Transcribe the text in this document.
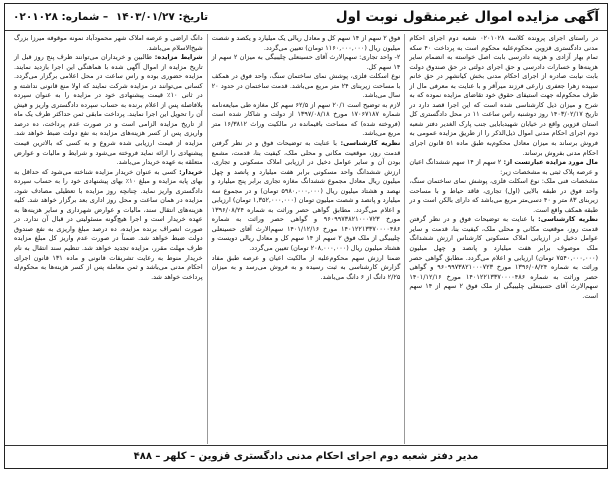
آگهی مزایده اموال غیرمنقول نوبت اول
تاریخ: ۱۴۰۳/۰۱/۲۷ – شماره: ۰۲۰۱۰۲۸

در راستای اجرای پرونده کلاسه ۰۲۰۱۰۲۸ شعبه دوم اجرای احکام مدنی دادگستری قزوین محکوم‌علیه محکوم است به پرداخت ۴۰ سکه تمام بهار آزادی و هزینه دادرسی بابت اصل خواسته به انضمام سایر هزینه‌ها و خسارات دادرسی و حق اجرای دولتی در حق صندوق دولت بابت نیابت صادره از اجرای احکام مدنی بخش کیانشهر در حق خانم سپیده زهرا جعفری زارعی فرزند میرآقر و با عنایت به معرفی مال از طرف محکوم‌له جهت استیفای حقوق خود تقاضای مزایده نموده که به شرح و میزان ذیل کارشناسی شده است که این اجرا قصد دارد در تاریخ ۱۴۰۳/۰۲/۱۷ روز دوشنبه راس ساعت ۱۱ در محل دادگستری کل استان قزوین واقع در خیابان شهیدبابایی جنب پارک الغدیر دفتر شعبه دوم اجرای احکام مدنی اموال ذیل‌الذکر را از طریق مزایده عمومی به فروش برساند به میزان معادل محکوم‌به طبق ماده ۵۱ قانون اجرای احکام مدنی بفروش برساند.

مال مورد مزایده عبارتست از: ۲ سهم از ۱۴ سهم ششدانگ اعیان و عرصه پلاک ثبتی به مشخصات زیر:

مشخصات فنی ملک: نوع اسکلت فلزی، پوشش نمای ساختمان سنگ، واحد فوق در طبقه بالایی (اول) تجاری، فاقد حیاط و با مساحت زیربنای ۸۳ متر و ۴۰ دسی‌متر مربع می‌باشد که دارای بالکن است و در طبقه همکف واقع است.

نظریه کارشناسی: با عنایت به توضیحات فوق و در نظر گرفتن قدمت روز، موقعیت مکانی و محلی ملک، کیفیت بنا، قدمت و سایر عوامل دخیل در ارزیابی املاک مسکونی کارشناس ارزش ششدانگ ملک موصوف برابر هفت میلیارد و پانصد و چهل میلیون (۷۵۴۰,۰۰۰,۰۰۰ تومان) ارزیابی و اعلام می‌گردد. مطابق گواهی حصر وراثت به شماره ۱۳۹۶/۰۸/۲۴ مورخ ۹۶۰۹۹۷۳۸۲۱۰۰۰۷۲۳ و گواهی حصر وراثت به شماره ۱۴۰۱۲۲۱۳۳۷۰۰۰۰۴۸۶ مورخ ۱۴۰۱/۱۲/۱۶ سهم‌الارث آقای حسینعلی چلیبیگی از ملک فوق ۲ سهم از ۱۴ سهم است.

فوق ۲ سهم از ۱۴ سهم کل و معادل ریالی یک میلیارد و یکصد و شصت میلیون ریال (۱۱۶۰,۰۰۰,۰۰۰ تومان) تعیین می‌گردد.

۲- واحد تجاری: سهم‌الارث آقای حسینعلی چلیبیگی به میزان ۲ سهم از ۱۴ سهم کل.

نوع اسکلت فلزی، پوشش نمای ساختمان سنگ، واحد فوق در همکف با مساحت زیربنای ۲۴ متر مربع می‌باشد. قدمت ساختمان در حدود ۲۰ سال می‌باشد.

لازم به توضیح است ۲۰/۱ سهم از ۶۲/۵ سهم کل مغازه طی مبایعه‌نامه شماره ۱۷۰۶۷۱۸۷ مورخ ۱۳۹۷/۰۸/۱۸ از دولت و شاکار شده است (فروخته شده) که مساحت باقیمانده در مالکیت وراث ۱۶/۳۸۱۲ متر مربع می‌باشد.

نظریه کارشناسی: با عنایت به توضیحات فوق و در نظر گرفتن قدمت روز، موقعیت مکانی و محلی ملک، کیفیت بنا، قدمت، مشمع بودن آن و سایر عوامل دخیل در ارزیابی املاک مسکونی و تجاری، ارزش ششدانگ واحد مسکونی برابر هفت میلیارد و پانصد و چهل میلیون ریال معادل مجموع ششدانگ مغازه تجاری برابر پنج میلیارد و نهصد و هشتاد میلیون ریال (۵۹۸۰,۰۰۰,۰۰۰ تومان) و در مجموع سه میلیارد و پانصد و شصت میلیون تومان (۱,۳۵۲,۰۰۰,۰۰۰ تومان) ارزیابی و اعلام می‌گردد. مطابق گواهی حصر وراثت به شماره ۱۳۹۶/۰۸/۲۴ مورخ ۹۶۰۹۹۷۳۸۲۱۰۰۰۷۲۳ و گواهی حصر وراثت به شماره ۱۴۰۱۲۲۱۳۳۷۰۰۰۰۴۸۶ مورخ ۱۴۰۱/۱۲/۱۶ سهم‌الارث آقای حسینعلی چلیبیگی از ملک فوق ۲ سهم از ۱۴ سهم کل و معادل ریالی دویست و هشتاد میلیون ریال (۲۰۸,۰۰۰,۰۰۰ تومان) تعیین می‌گردد.

ضمنا ارزش سهم محکوم‌علیه از مالکیت اعیان و عرصه طبق مفاد گزارش کارشناسی به ثبت رسیده و به فروش می‌رسد و به میزان ۲/۲۵ دانگ از ۶ دانگ می‌باشد.

دانگ اراضی و عرصه املاک شهر محمودآباد نمونه موقوفه میرزا بزرگ شیخ‌الاسلام می‌باشد.

شرایط مزایده: طالبین و خریداران می‌توانند ظرف پنج روز قبل از تاریخ مزایده از اموال آگهی شده با هماهنگی این اجرا بازدید نمایند. مزایده حضوری بوده و راس ساعت در محل اعلامی برگزار می‌گردد. کسانی می‌توانند در مزایده شرکت نمایند که اولا منع قانونی نداشته و در ثانی ۱۰٪ قیمت پیشنهادی خود در مزایده را به عنوان سپرده بلافاصله پس از اعلام برنده به حساب سپرده دادگستری واریز و فیش آن را تحویل این اجرا نمایند. پرداخت مابقی ثمن حداکثر ظرف یک ماه از تاریخ مزایده الزامی است و در صورت عدم پرداخت، ده درصد واریزی پس از کسر هزینه‌های مزایده به نفع دولت ضبط خواهد شد. مزایده از قیمت ارزیابی شده شروع و به کسی که بالاترین قیمت پیشنهادی را ارائه نماید فروخته می‌شود و شرایط و مالیات و عوارض متعلقه به عهده خریدار می‌باشد.

خریدار: کسی به عنوان خریدار مزایده شناخته می‌شود که حداقل به بهای پایه مزایده و مبلغ ۱۰٪ بهای پیشنهادی خود را به حساب سپرده دادگستری واریز نماید. چنانچه روز مزایده با تعطیلی مصادف شود، مزایده در همان ساعت و محل روز اداری بعد برگزار خواهد شد. کلیه هزینه‌های انتقال سند، مالیات و عوارض شهرداری و سایر هزینه‌ها به عهده خریدار است و اجرا هیچ‌گونه مسئولیتی در قبال آن ندارد. در صورت انصراف برنده مزایده، ده درصد مبلغ واریزی به نفع صندوق دولت ضبط خواهد شد. ضمناً در صورت عدم واریز کل مبلغ مزایده ظرف مهلت مقرر، مزایده تجدید خواهد شد. تنظیم سند انتقال به نام خریدار منوط به رعایت تشریفات قانونی و ماده ۱۳۱ قانون اجرای احکام مدنی می‌باشد و ثمن معامله پس از کسر هزینه‌ها به محکوم‌له پرداخت خواهد شد.

مدیر دفتر شعبه دوم اجرای احکام مدنی دادگستری قزوین – کلهر – ۴۸۸
